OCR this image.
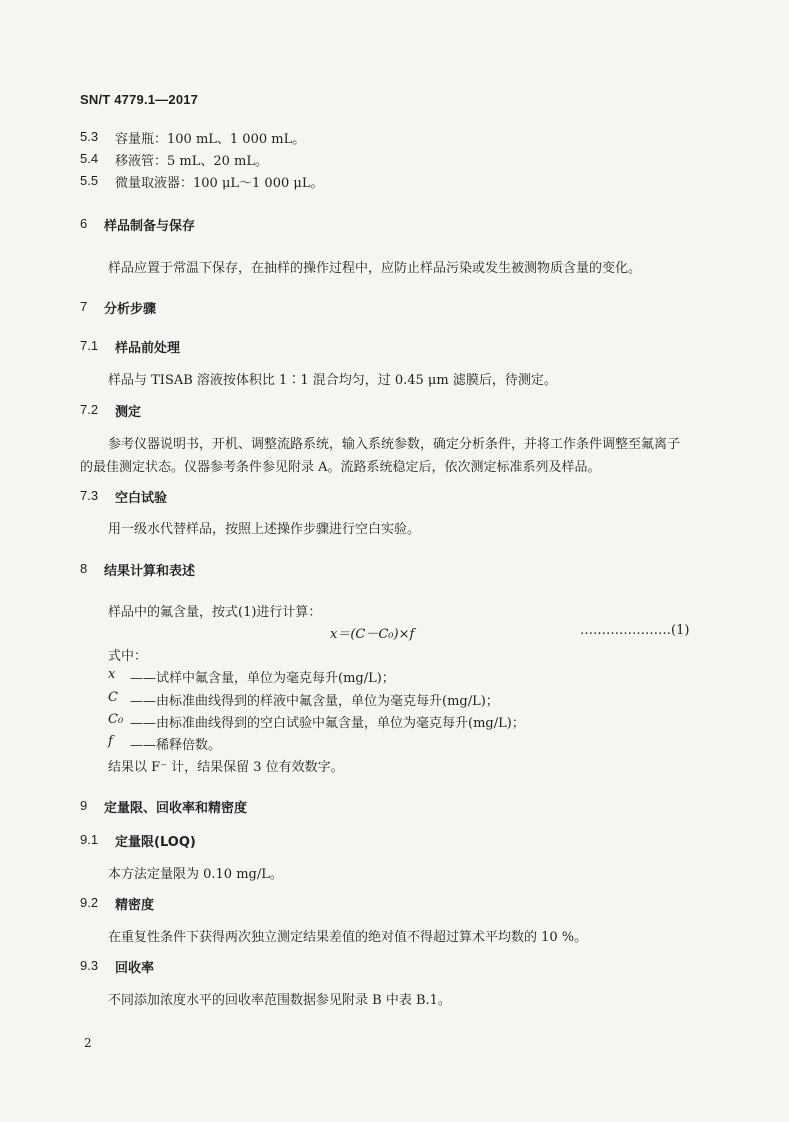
SN/T 4779.1—2017
5.3 容量瓶：100 mL、1 000 mL。
5.4 移液管：5 mL、20 mL。
5.5 微量取液器：100 μL～1 000 μL。
6 样品制备与保存
样品应置于常温下保存，在抽样的操作过程中，应防止样品污染或发生被测物质含量的变化。
7 分析步骤
7.1 样品前处理
样品与 TISAB 溶液按体积比 1∶1 混合均匀，过 0.45 μm 滤膜后，待测定。
7.2 测定
参考仪器说明书，开机、调整流路系统，输入系统参数，确定分析条件，并将工作条件调整至氟离子
的最佳测定状态。仪器参考条件参见附录 A。流路系统稳定后，依次测定标准系列及样品。
7.3 空白试验
用一级水代替样品，按照上述操作步骤进行空白实验。
8 结果计算和表述
样品中的氟含量，按式(1)进行计算：
x＝(C－C₀)×f	…………………(1)
式中：
x ——试样中氟含量，单位为毫克每升(mg/L)；
C ——由标准曲线得到的样液中氟含量，单位为毫克每升(mg/L)；
C₀ ——由标准曲线得到的空白试验中氟含量，单位为毫克每升(mg/L)；
f ——稀释倍数。
结果以 F⁻ 计，结果保留 3 位有效数字。
9 定量限、回收率和精密度
9.1 定量限(LOQ)
本方法定量限为 0.10 mg/L。
9.2 精密度
在重复性条件下获得两次独立测定结果差值的绝对值不得超过算术平均数的 10 %。
9.3 回收率
不同添加浓度水平的回收率范围数据参见附录 B 中表 B.1。
2
